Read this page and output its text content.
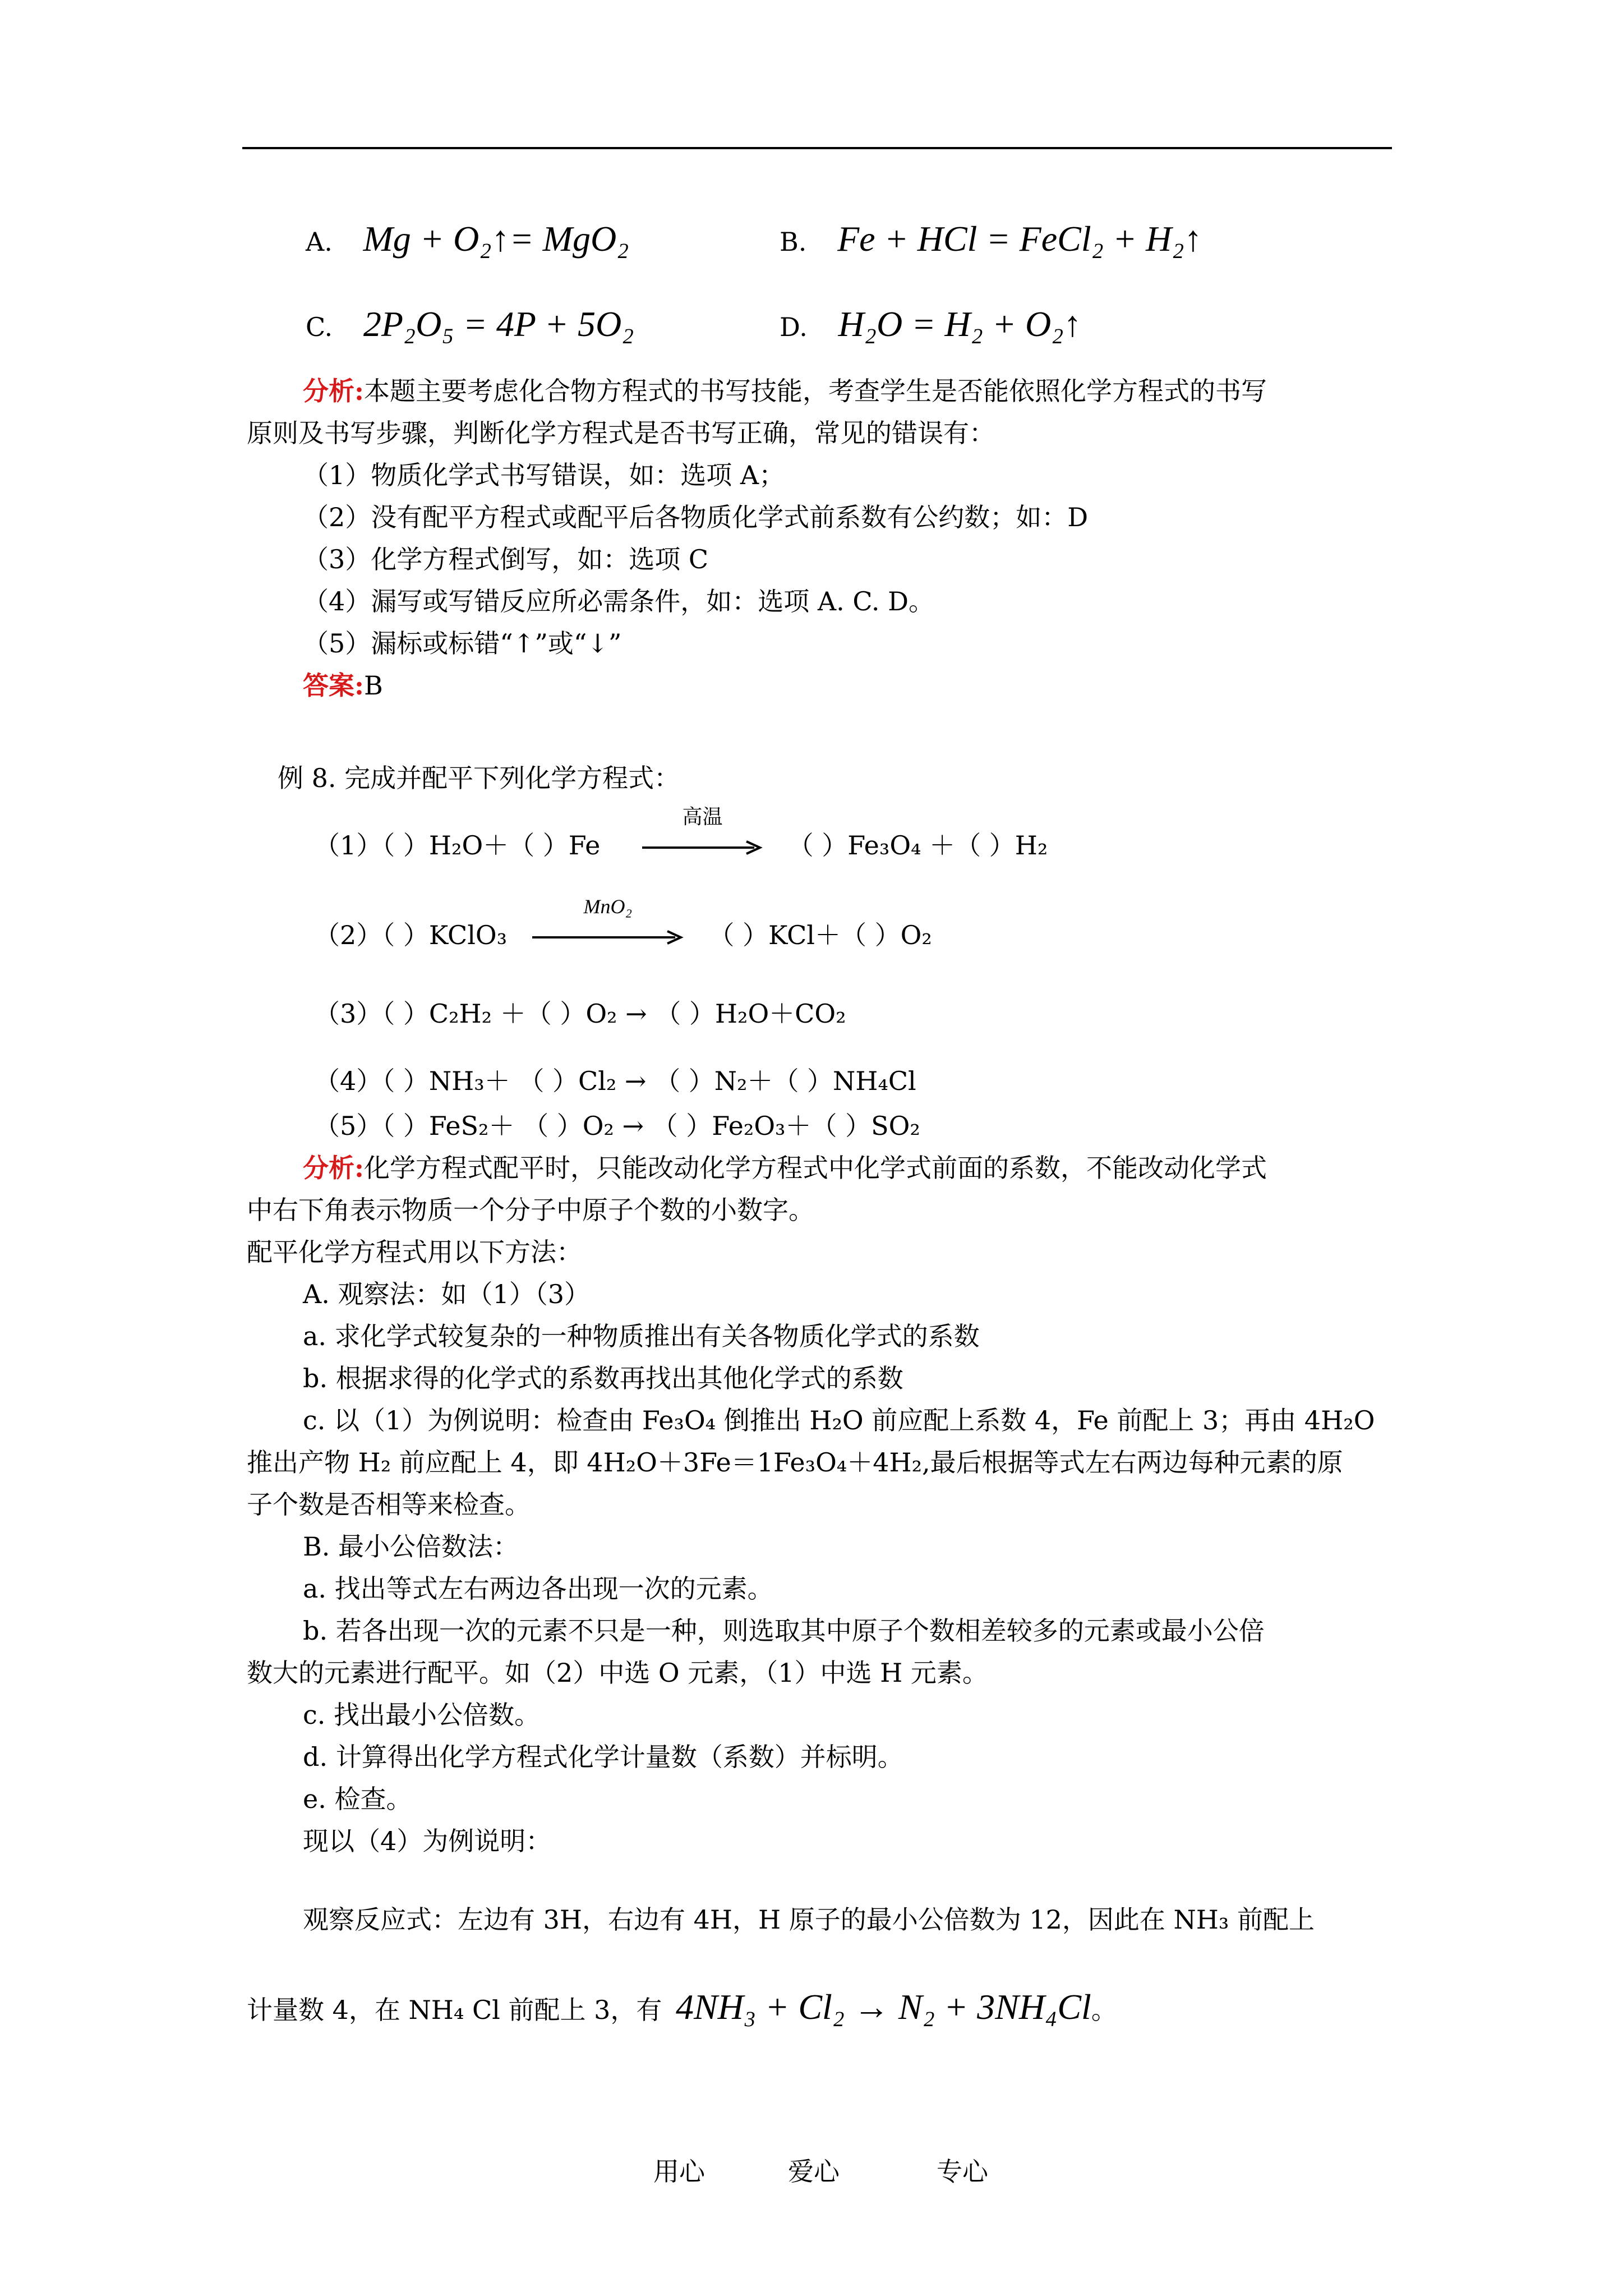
A. Mg + O₂↑= MgO₂	B. Fe + HCl = FeCl₂ + H₂↑
C. 2P₂O₅ = 4P + 5O₂	D. H₂O = H₂ + O₂↑
分析:本题主要考虑化合物方程式的书写技能，考查学生是否能依照化学方程式的书写
原则及书写步骤，判断化学方程式是否书写正确，常见的错误有：
（1）物质化学式书写错误，如：选项 A；
（2）没有配平方程式或配平后各物质化学式前系数有公约数；如：D
（3）化学方程式倒写，如：选项 C
（4）漏写或写错反应所必需条件，如：选项 A. C. D。
（5）漏标或标错“↑”或“↓”
答案:B
例 8. 完成并配平下列化学方程式：
（1）（ ）H₂O＋（ ）Fe
高温
（ ）Fe₃O₄ ＋（ ）H₂
（2）（ ）KClO₃
MnO₂
（ ）KCl＋（ ）O₂
（3）（ ）C₂H₂ ＋（ ）O₂ → （ ）H₂O＋CO₂
（4）（ ）NH₃＋ （ ）Cl₂ → （ ）N₂＋（ ）NH₄Cl
（5）（ ）FeS₂＋ （ ）O₂ → （ ）Fe₂O₃＋（ ）SO₂
分析:化学方程式配平时，只能改动化学方程式中化学式前面的系数，不能改动化学式
中右下角表示物质一个分子中原子个数的小数字。
配平化学方程式用以下方法：
A. 观察法：如（1）（3）
a. 求化学式较复杂的一种物质推出有关各物质化学式的系数
b. 根据求得的化学式的系数再找出其他化学式的系数
c. 以（1）为例说明：检查由 Fe₃O₄ 倒推出 H₂O 前应配上系数 4，Fe 前配上 3；再由 4H₂O
推出产物 H₂ 前应配上 4，即 4H₂O＋3Fe＝1Fe₃O₄＋4H₂,最后根据等式左右两边每种元素的原
子个数是否相等来检查。
B. 最小公倍数法：
a. 找出等式左右两边各出现一次的元素。
b. 若各出现一次的元素不只是一种，则选取其中原子个数相差较多的元素或最小公倍
数大的元素进行配平。如（2）中选 O 元素，（1）中选 H 元素。
c. 找出最小公倍数。
d. 计算得出化学方程式化学计量数（系数）并标明。
e. 检查。
现以（4）为例说明：
观察反应式：左边有 3H，右边有 4H，H 原子的最小公倍数为 12，因此在 NH₃ 前配上
计量数 4，在 NH₄ Cl 前配上 3，有 4NH₃ + Cl₂ → N₂ + 3NH₄Cl。
用心	爱心	专心
